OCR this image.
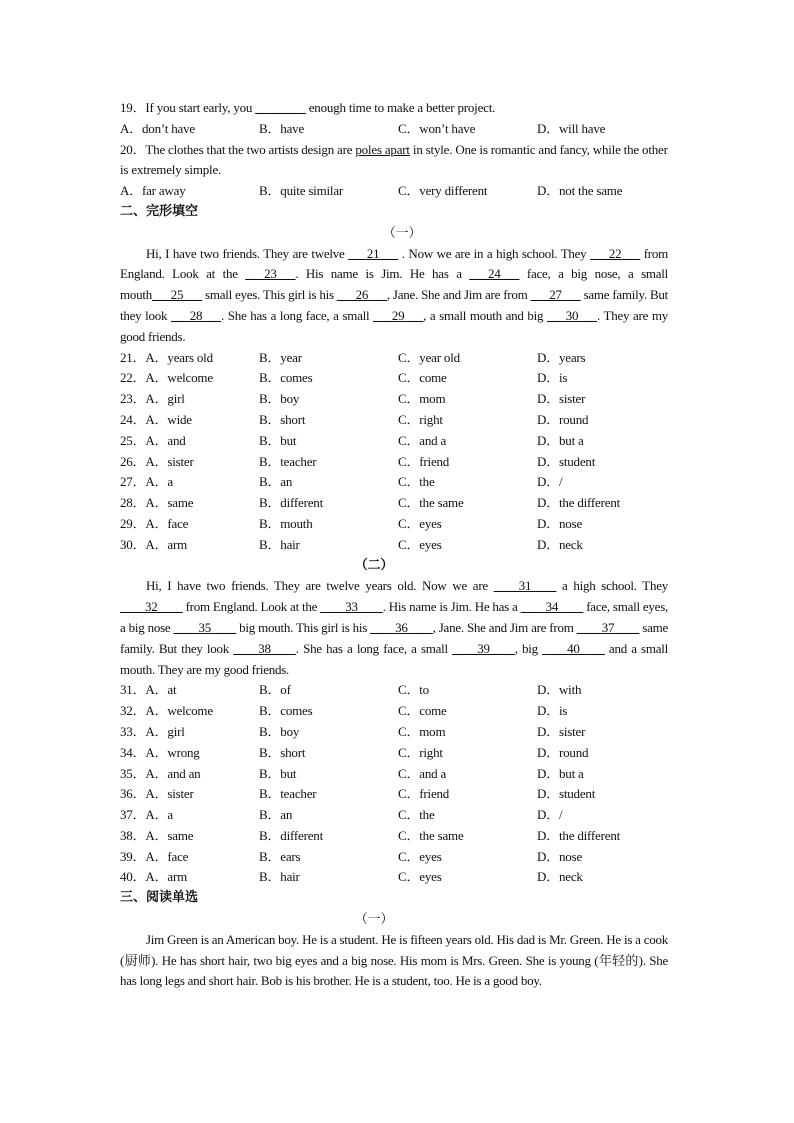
19．If you start early, you ________ enough time to make a better project.
A．don’t have	B．have	C．won’t have	D．will have
20．The clothes that the two artists design are poles apart in style. One is romantic and fancy, while the other is extremely simple.
A．far away	B．quite similar	C．very different	D．not the same
二、完形填空
（一）
Hi, I have two friends. They are twelve ___21___ . Now we are in a high school. They ___22___ from England. Look at the ___23___. His name is Jim. He has a ___24___ face, a big nose, a small mouth___25___ small eyes. This girl is his ___26___, Jane. She and Jim are from ___27___ same family. But they look ___28___. She has a long face, a small ___29___, a small mouth and big ___30___. They are my good friends.
21．A．years old	B．year	C．year old	D．years
22．A．welcome	B．comes	C．come	D．is
23．A．girl	B．boy	C．mom	D．sister
24．A．wide	B．short	C．right	D．round
25．A．and	B．but	C．and a	D．but a
26．A．sister	B．teacher	C．friend	D．student
27．A．a	B．an	C．the	D．/
28．A．same	B．different	C．the same	D．the different
29．A．face	B．mouth	C．eyes	D．nose
30．A．arm	B．hair	C．eyes	D．neck
（二）
Hi, I have two friends. They are twelve years old. Now we are ____31____ a high school. They ____32____ from England. Look at the ____33____. His name is Jim. He has a ____34____ face, small eyes, a big nose ____35____ big mouth. This girl is his ____36____, Jane. She and Jim are from ____37____ same family. But they look ____38____. She has a long face, a small ____39____, big ____40____ and a small mouth. They are my good friends.
31．A．at	B．of	C．to	D．with
32．A．welcome	B．comes	C．come	D．is
33．A．girl	B．boy	C．mom	D．sister
34．A．wrong	B．short	C．right	D．round
35．A．and an	B．but	C．and a	D．but a
36．A．sister	B．teacher	C．friend	D．student
37．A．a	B．an	C．the	D．/
38．A．same	B．different	C．the same	D．the different
39．A．face	B．ears	C．eyes	D．nose
40．A．arm	B．hair	C．eyes	D．neck
三、阅读单选
（一）
Jim Green is an American boy. He is a student. He is fifteen years old. His dad is Mr. Green. He is a cook (厨师). He has short hair, two big eyes and a big nose. His mom is Mrs. Green. She is young (年轻的). She has long legs and short hair. Bob is his brother. He is a student, too. He is a good boy.
